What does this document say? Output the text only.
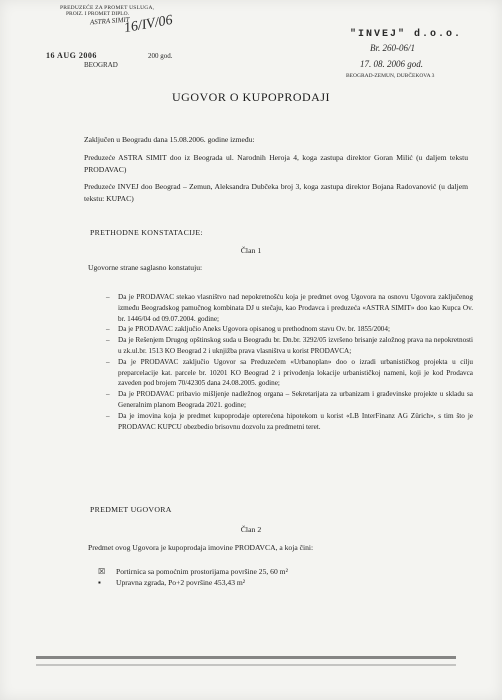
PREDUZEĆE ZA PROMET USLUGA,
PROIZ. I PROMET DIPLO.
ASTRA SIMIT
16/IV/06
16 AUG 2006	200 god.
BEOGRAD
"INVEJ" d.o.o.
Br. 260-06/1
17. 08. 2006 god.
BEOGRAD-ZEMUN, DUBČEKOVA 3
UGOVOR O KUPOPRODAJI
Zaključen u Beogradu dana 15.08.2006. godine između:
Preduzeće ASTRA SIMIT doo iz Beograda ul. Narodnih Heroja 4, koga zastupa direktor Goran Milić (u daljem tekstu PRODAVAC)
Preduzeće INVEJ doo Beograd – Zemun, Aleksandra Dubčeka broj 3, koga zastupa direktor Bojana Radovanović (u daljem tekstu: KUPAC)
PRETHODNE KONSTATACIJE:
Član 1
Ugovorne strane saglasno konstatuju:
– Da je PRODAVAC stekao vlasništvo nad nepokretnošću koja je predmet ovog Ugovora na osnovu Ugovora zaključenog između Beogradskog pamučnog kombinata DJ u stečaju, kao Prodavca i preduzeća «ASTRA SIMIT» doo kao Kupca Ov. br. 1446/04 od 09.07.2004. godine;
– Da je PRODAVAC zaključio Aneks Ugovora opisanog u prethodnom stavu Ov. br. 1855/2004;
– Da je Rešenjem Drugog opštinskog suda u Beogradu br. Dn.br. 3292/05 izvršeno brisanje založnog prava na nepokretnosti u zk.ul.br. 1513 KO Beograd 2 i uknjižba prava vlasništva u korist PRODAVCA;
– Da je PRODAVAC zaključio Ugovor sa Preduzećem «Urbanoplan» doo o izradi urbanističkog projekta u cilju preparcelacije kat. parcele br. 10201 KO Beograd 2 i privođenja lokacije urbanističkoj nameni, koji je kod Prodavca zaveden pod brojem 70/42305 dana 24.08.2005. godine;
– Da je PRODAVAC pribavio mišljenje nadležnog organa – Sekretarijata za urbanizam i građevinske projekte u skladu sa Generalnim planom Beograda 2021. godine;
– Da je imovina koja je predmet kupoprodaje opterećena hipotekom u korist «LB InterFinanz AG Zürich», s tim što je PRODAVAC KUPCU obezbedio brisovnu dozvolu za predmetni teret.
PREDMET UGOVORA
Član 2
Predmet ovog Ugovora je kupoprodaja imovine PRODAVCA, a koja čini:
☒ Portirnica sa pomoćnim prostorijama površine 25, 60 m²
▪ Upravna zgrada, Po+2 površine 453,43 m²
